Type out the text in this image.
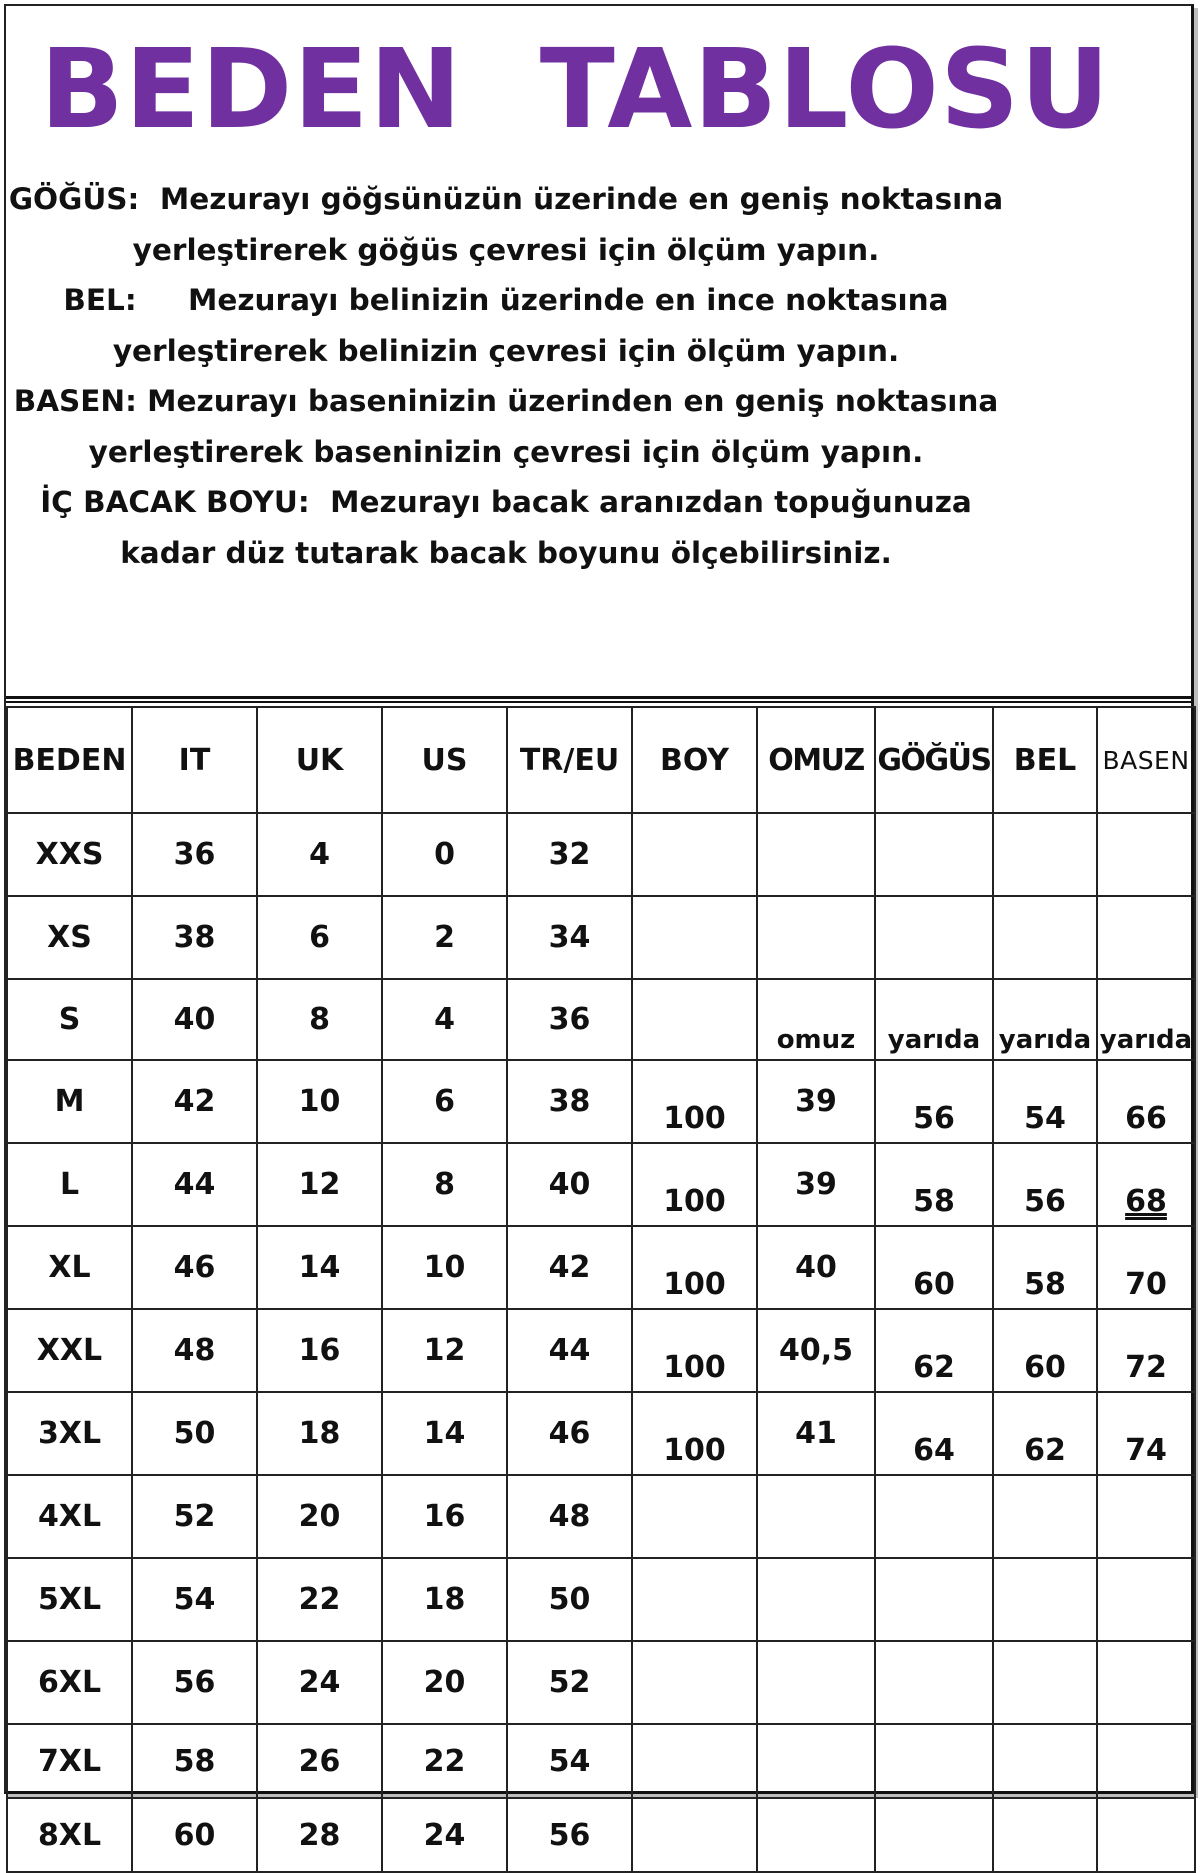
BEDEN TABLOSU
GÖĞÜS:  Mezurayı göğsünüzün üzerinde en geniş noktasına
yerleştirerek göğüs çevresi için ölçüm yapın.
BEL:     Mezurayı belinizin üzerinde en ince noktasına
yerleştirerek belinizin çevresi için ölçüm yapın.
BASEN: Mezurayı baseninizin üzerinden en geniş noktasına
yerleştirerek baseninizin çevresi için ölçüm yapın.
İÇ BACAK BOYU:  Mezurayı bacak aranızdan topuğunuza
kadar düz tutarak bacak boyunu ölçebilirsiniz.
BEDEN	IT	UK	US	TR/EU	BOY	OMUZ	GÖĞÜS	BEL	BASEN
XXS	36	4	0	32					
XS	38	6	2	34					
S	40	8	4	36		omuz	yarıda	yarıda	yarıda
M	42	10	6	38	100	39	56	54	66
L	44	12	8	40	100	39	58	56	68
XL	46	14	10	42	100	40	60	58	70
XXL	48	16	12	44	100	40,5	62	60	72
3XL	50	18	14	46	100	41	64	62	74
4XL	52	20	16	48					
5XL	54	22	18	50					
6XL	56	24	20	52					
7XL	58	26	22	54					
8XL	60	28	24	56					
